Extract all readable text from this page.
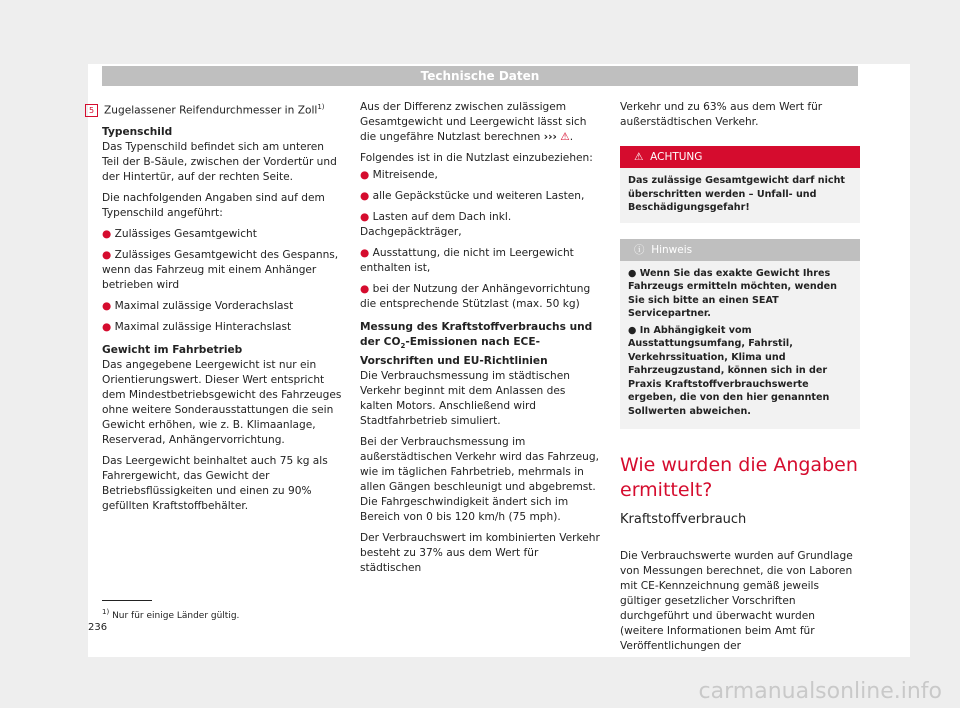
Technische Daten

5 Zugelassener Reifendurchmesser in Zoll$^{1)}$

Typenschild

Das Typenschild befindet sich am unteren Teil der B-Säule, zwischen der Vordertür und der Hintertür, auf der rechten Seite.

Die nachfolgenden Angaben sind auf dem Typenschild angeführt:

● Zulässiges Gesamtgewicht

● Zulässiges Gesamtgewicht des Gespanns, wenn das Fahrzeug mit einem Anhänger betrieben wird

● Maximal zulässige Vorderachslast

● Maximal zulässige Hinterachslast

Gewicht im Fahrbetrieb

Das angegebene Leergewicht ist nur ein Orientierungswert. Dieser Wert entspricht dem Mindestbetriebsgewicht des Fahrzeuges ohne weitere Sonderausstattungen die sein Gewicht erhöhen, wie z. B. Klimaanlage, Reserverad, Anhängervorrichtung.

Das Leergewicht beinhaltet auch 75 kg als Fahrergewicht, das Gewicht der Betriebsflüssigkeiten und einen zu 90% gefüllten Kraftstoffbehälter.

Aus der Differenz zwischen zulässigem Gesamtgewicht und Leergewicht lässt sich die ungefähre Nutzlast berechnen ››› ⚠.

Folgendes ist in die Nutzlast einzubeziehen:

● Mitreisende,

● alle Gepäckstücke und weiteren Lasten,

● Lasten auf dem Dach inkl. Dachgepäckträger,

● Ausstattung, die nicht im Leergewicht enthalten ist,

● bei der Nutzung der Anhängevorrichtung die entsprechende Stützlast (max. 50 kg)

Messung des Kraftstoffverbrauchs und der $CO_2$-Emissionen nach ECE-Vorschriften und EU-Richtlinien

Die Verbrauchsmessung im städtischen Verkehr beginnt mit dem Anlassen des kalten Motors. Anschließend wird Stadtfahrbetrieb simuliert.

Bei der Verbrauchsmessung im außerstädtischen Verkehr wird das Fahrzeug, wie im täglichen Fahrbetrieb, mehrmals in allen Gängen beschleunigt und abgebremst. Die Fahrgeschwindigkeit ändert sich im Bereich von 0 bis 120 km/h (75 mph).

Der Verbrauchswert im kombinierten Verkehr besteht zu 37% aus dem Wert für städtischen

Verkehr und zu 63% aus dem Wert für außerstädtischen Verkehr.

⚠ ACHTUNG
Das zulässige Gesamtgewicht darf nicht überschritten werden – Unfall- und Beschädigungsgefahr!
ⓘ Hinweis

● Wenn Sie das exakte Gewicht Ihres Fahrzeugs ermitteln möchten, wenden Sie sich bitte an einen SEAT Servicepartner.

● In Abhängigkeit vom Ausstattungsumfang, Fahrstil, Verkehrssituation, Klima und Fahrzeugzustand, können sich in der Praxis Kraftstoffverbrauchswerte ergeben, die von den hier genannten Sollwerten abweichen.

Wie wurden die Angaben ermittelt?
Kraftstoffverbrauch

Die Verbrauchswerte wurden auf Grundlage von Messungen berechnet, die von Laboren mit CE-Kennzeichnung gemäß jeweils gültiger gesetzlicher Vorschriften durchgeführt und überwacht wurden (weitere Informationen beim Amt für Veröffentlichungen der

$^{1)}$ Nur für einige Länder gültig.
236
carmanualsonline.info
